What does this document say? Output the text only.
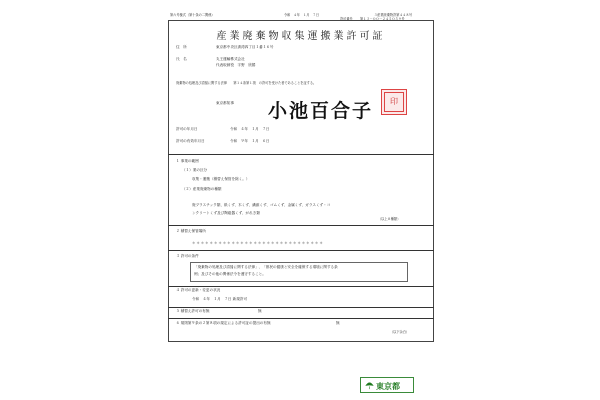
第六号様式（第十条の二関係）	令和　４年　１月　７日	３産業廃棄物許第４４８号
許可番号 第１３－００－２４５０５９号
産業廃棄物収集運搬業許可証
住　所	東京都中央区湊湾四丁目１番１６号
氏　名	丸王運輸株式会社
代表取締役　宇野　欣勝
廃棄物の処理及び清掃に関する法律　　第１４条第１項　の許可を受けた者であることを証する。
東京都知事 小池百合子	印
許可の年月日	令和　４年　１月　７日
許可の有効年月日	令和　９年　１月　６日
１ 事業の範囲
（１）業の区分
収集・運搬（積替え保管を除く。）
（２）産業廃棄物の種類
廃プラスチック類、紙くず、木くず、繊維くず、ゴムくず、金属くず、ガラスくず・コ
ンクリートくず及び陶磁器くず、がれき類
（以上８種類）
２ 積替え保管場所
＊＊＊＊＊＊＊＊＊＊＊＊＊＊＊＊＊＊＊＊＊＊＊＊＊＊＊＊＊＊
３ 許可の条件
「廃棄物の処理及び清掃に関する法律」、「都民の健康と安全を確保する環境に関する条
例」及びその他の関係法令を遵守すること。
４ 許可の更新・変更の状況
令和　４年　１月　７日 新規許可
５ 積替え許可の有無	無
６ 規則第９条の２第８項の規定による許可証の提出の有無	無
（以下余白）
東京都
